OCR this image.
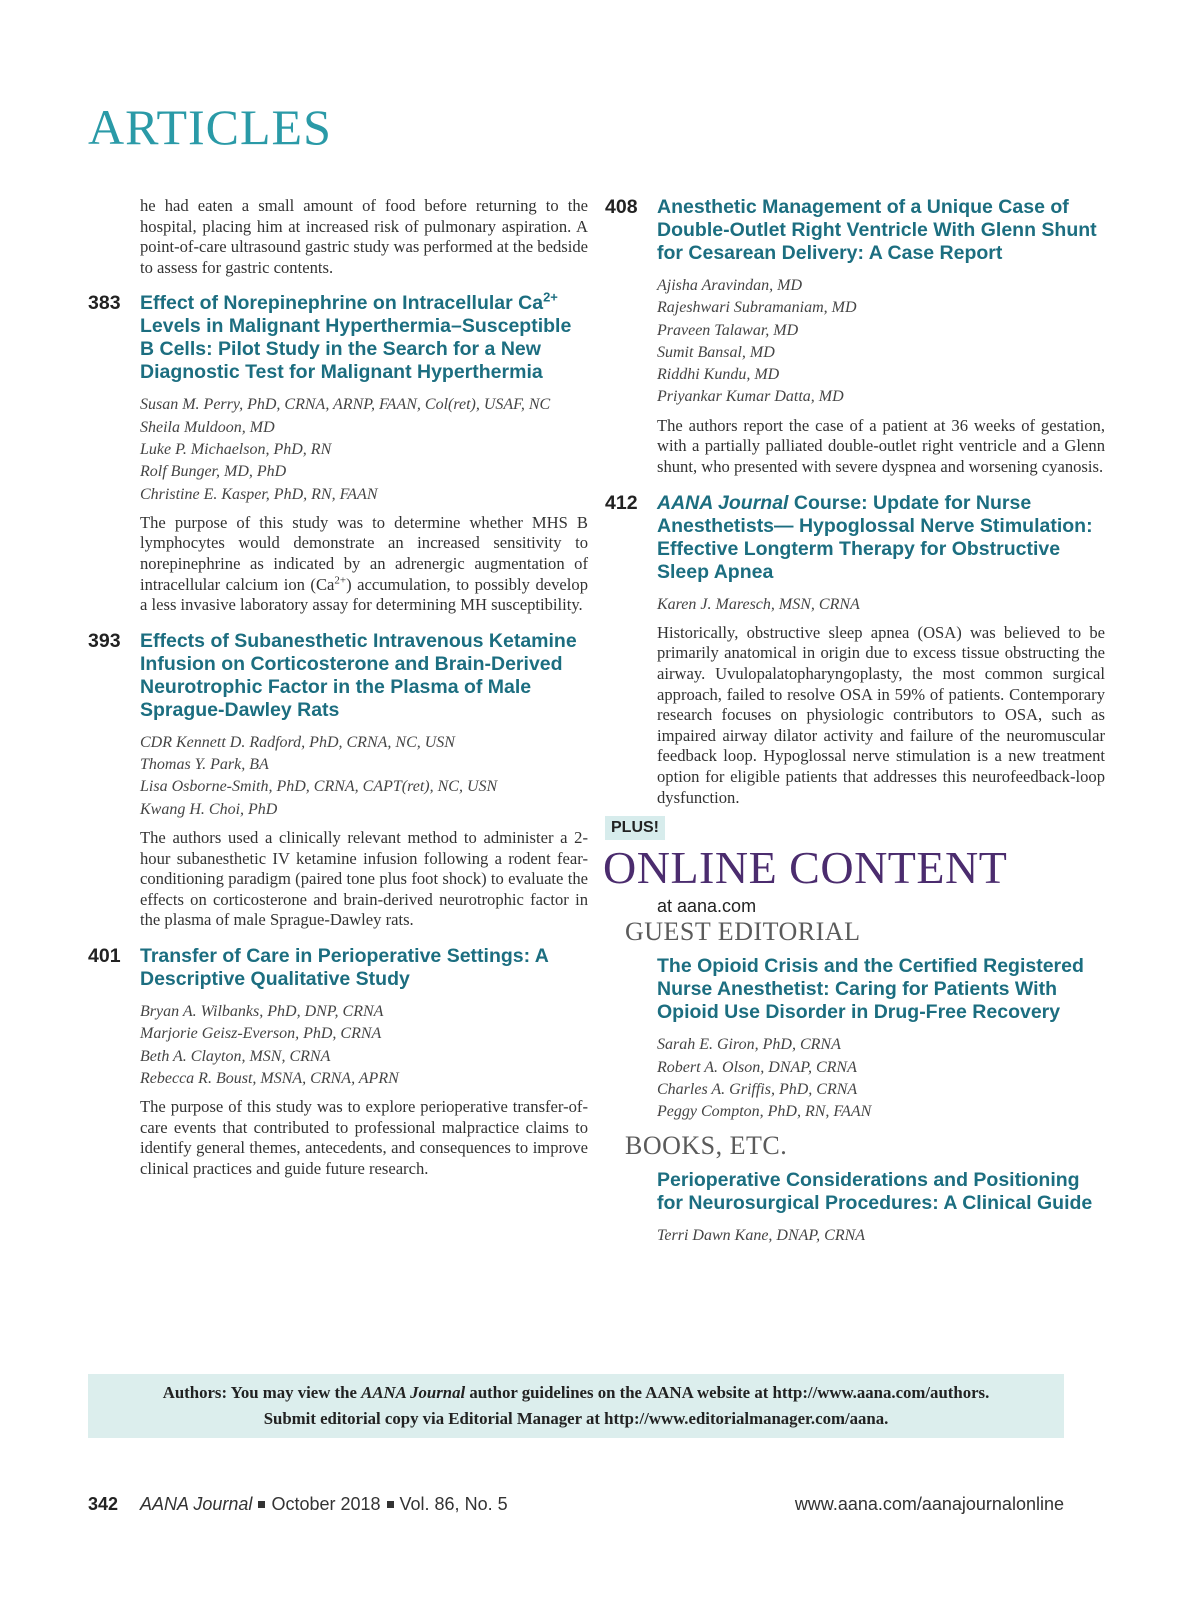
ARTICLES

he had eaten a small amount of food before returning to the hospital, placing him at increased risk of pulmonary aspiration. A point-of-care ultrasound gastric study was performed at the bedside to assess for gastric contents.

383 Effect of Norepinephrine on Intracellular $Ca^{2+}$ Levels in Malignant Hyperthermia–Susceptible B Cells: Pilot Study in the Search for a New Diagnostic Test for Malignant Hyperthermia
Susan M. Perry, PhD, CRNA, ARNP, FAAN, Col(ret), USAF, NC
Sheila Muldoon, MD
Luke P. Michaelson, PhD, RN
Rolf Bunger, MD, PhD
Christine E. Kasper, PhD, RN, FAAN

The purpose of this study was to determine whether MHS B lymphocytes would demonstrate an increased sensitivity to norepinephrine as indicated by an adrenergic augmentation of intracellular calcium ion $(Ca^{2+})$ accumulation, to possibly develop a less invasive laboratory assay for determining MH susceptibility.

393 Effects of Subanesthetic Intravenous Ketamine Infusion on Corticosterone and Brain-Derived Neurotrophic Factor in the Plasma of Male Sprague-Dawley Rats
CDR Kennett D. Radford, PhD, CRNA, NC, USN
Thomas Y. Park, BA
Lisa Osborne-Smith, PhD, CRNA, CAPT(ret), NC, USN
Kwang H. Choi, PhD

The authors used a clinically relevant method to administer a 2-hour subanesthetic IV ketamine infusion following a rodent fear-conditioning paradigm (paired tone plus foot shock) to evaluate the effects on corticosterone and brain-derived neurotrophic factor in the plasma of male Sprague-Dawley rats.

401 Transfer of Care in Perioperative Settings: A Descriptive Qualitative Study
Bryan A. Wilbanks, PhD, DNP, CRNA
Marjorie Geisz-Everson, PhD, CRNA
Beth A. Clayton, MSN, CRNA
Rebecca R. Boust, MSNA, CRNA, APRN

The purpose of this study was to explore perioperative transfer-of-care events that contributed to professional malpractice claims to identify general themes, antecedents, and consequences to improve clinical practices and guide future research.

408 Anesthetic Management of a Unique Case of Double-Outlet Right Ventricle With Glenn Shunt for Cesarean Delivery: A Case Report
Ajisha Aravindan, MD
Rajeshwari Subramaniam, MD
Praveen Talawar, MD
Sumit Bansal, MD
Riddhi Kundu, MD
Priyankar Kumar Datta, MD

The authors report the case of a patient at 36 weeks of gestation, with a partially palliated double-outlet right ventricle and a Glenn shunt, who presented with severe dyspnea and worsening cyanosis.

412 AANA Journal Course: Update for Nurse Anesthetists— Hypoglossal Nerve Stimulation: Effective Longterm Therapy for Obstructive Sleep Apnea
Karen J. Maresch, MSN, CRNA

Historically, obstructive sleep apnea (OSA) was believed to be primarily anatomical in origin due to excess tissue obstructing the airway. Uvulopalatopharyngoplasty, the most common surgical approach, failed to resolve OSA in 59% of patients. Contemporary research focuses on physiologic contributors to OSA, such as impaired airway dilator activity and failure of the neuromuscular feedback loop. Hypoglossal nerve stimulation is a new treatment option for eligible patients that addresses this neurofeedback-loop dysfunction.

PLUS!
ONLINE CONTENT
at aana.com
GUEST EDITORIAL
The Opioid Crisis and the Certified Registered Nurse Anesthetist: Caring for Patients With Opioid Use Disorder in Drug-Free Recovery
Sarah E. Giron, PhD, CRNA
Robert A. Olson, DNAP, CRNA
Charles A. Griffis, PhD, CRNA
Peggy Compton, PhD, RN, FAAN
BOOKS, ETC.
Perioperative Considerations and Positioning for Neurosurgical Procedures: A Clinical Guide
Terri Dawn Kane, DNAP, CRNA
Authors: You may view the AANA Journal author guidelines on the AANA website at http://www.aana.com/authors.
Submit editorial copy via Editorial Manager at http://www.editorialmanager.com/aana.
342 AANA Journal October 2018 Vol. 86, No. 5	www.aana.com/aanajournalonline
